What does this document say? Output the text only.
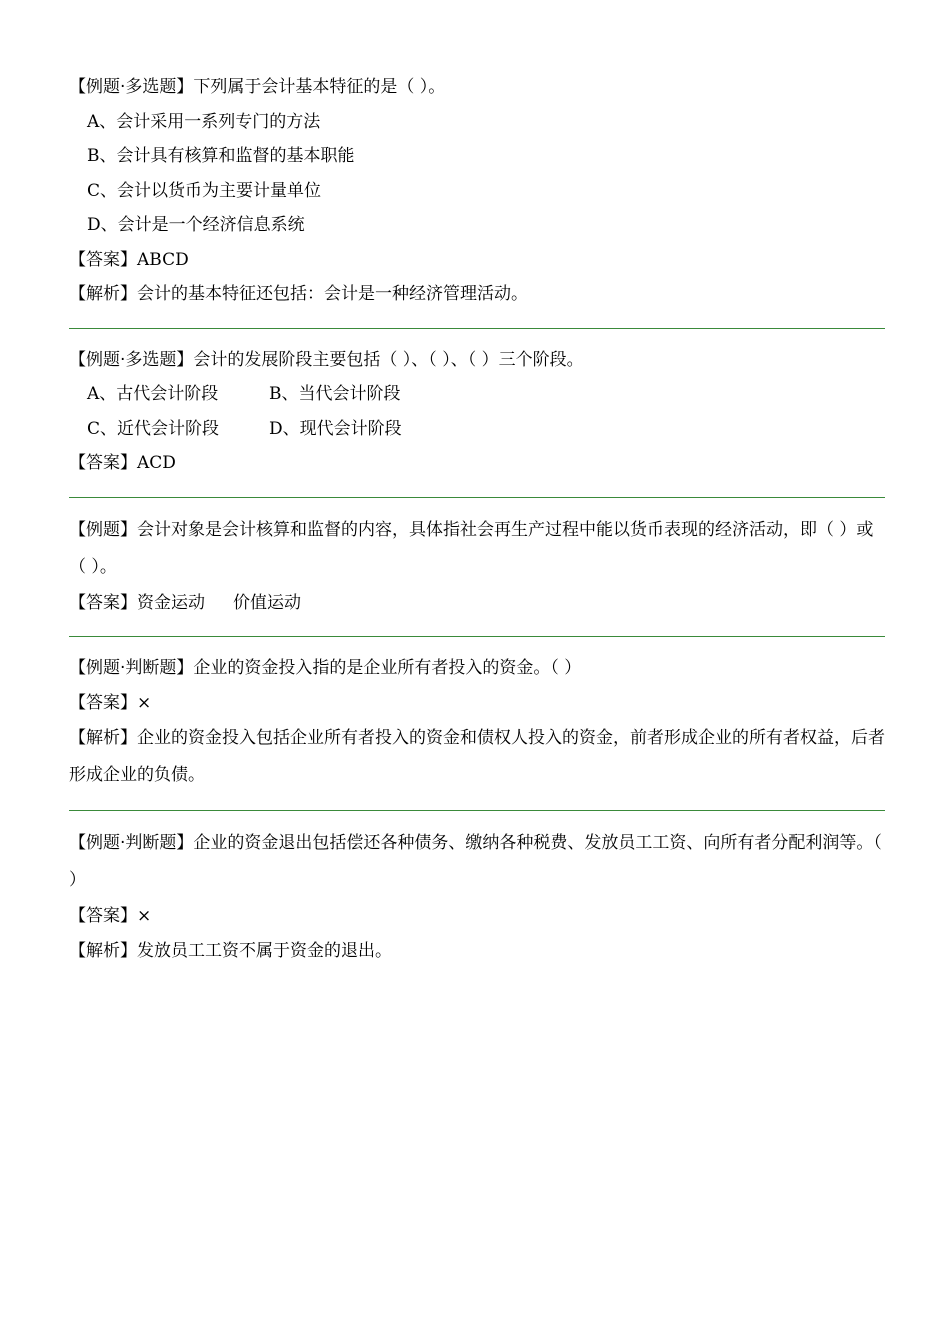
【例题·多选题】下列属于会计基本特征的是（ ）。
A、会计采用一系列专门的方法
B、会计具有核算和监督的基本职能
C、会计以货币为主要计量单位
D、会计是一个经济信息系统
【答案】ABCD
【解析】会计的基本特征还包括：会计是一种经济管理活动。
【例题·多选题】会计的发展阶段主要包括（ ）、（ ）、（ ）三个阶段。
A、古代会计阶段	B、当代会计阶段
C、近代会计阶段	D、现代会计阶段
【答案】ACD
【例题】会计对象是会计核算和监督的内容，具体指社会再生产过程中能以货币表现的经济活动，即（ ）或（ ）。
【答案】资金运动 价值运动
【例题·判断题】企业的资金投入指的是企业所有者投入的资金。（ ）
【答案】×
【解析】企业的资金投入包括企业所有者投入的资金和债权人投入的资金，前者形成企业的所有者权益，后者形成企业的负债。
【例题·判断题】企业的资金退出包括偿还各种债务、缴纳各种税费、发放员工工资、向所有者分配利润等。（ ）
【答案】×
【解析】发放员工工资不属于资金的退出。
